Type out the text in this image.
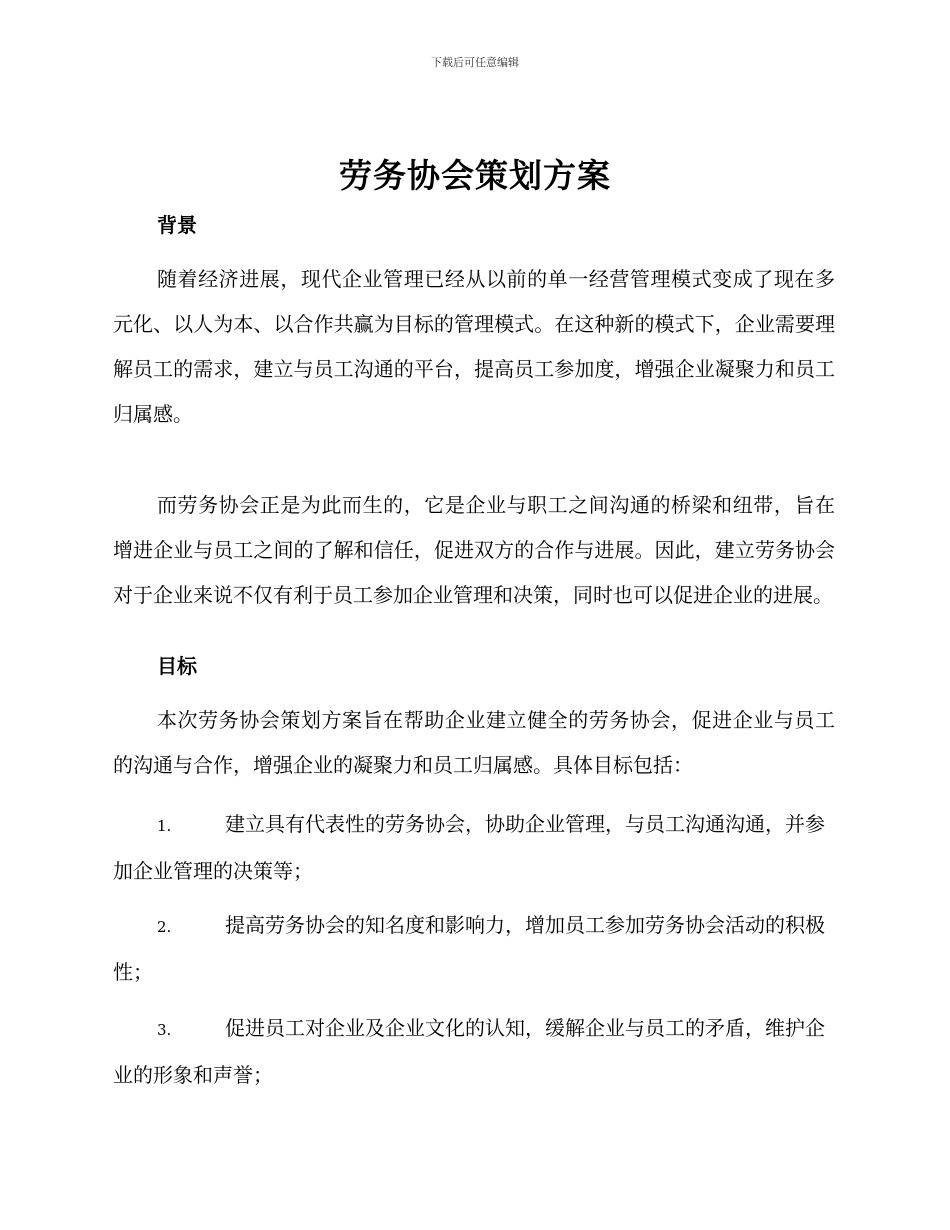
下载后可任意编辑
劳务协会策划方案
背景

随着经济进展，现代企业管理已经从以前的单一经营管理模式变成了现在多元化、以人为本、以合作共赢为目标的管理模式。在这种新的模式下，企业需要理解员工的需求，建立与员工沟通的平台，提高员工参加度，增强企业凝聚力和员工归属感。

而劳务协会正是为此而生的，它是企业与职工之间沟通的桥梁和纽带，旨在增进企业与员工之间的了解和信任，促进双方的合作与进展。因此，建立劳务协会对于企业来说不仅有利于员工参加企业管理和决策，同时也可以促进企业的进展。

目标

本次劳务协会策划方案旨在帮助企业建立健全的劳务协会，促进企业与员工的沟通与合作，增强企业的凝聚力和员工归属感。具体目标包括：

1.	建立具有代表性的劳务协会，协助企业管理，与员工沟通沟通，并参加企业管理的决策等；

2.	提高劳务协会的知名度和影响力，增加员工参加劳务协会活动的积极性；

3.	促进员工对企业及企业文化的认知，缓解企业与员工的矛盾，维护企业的形象和声誉；
